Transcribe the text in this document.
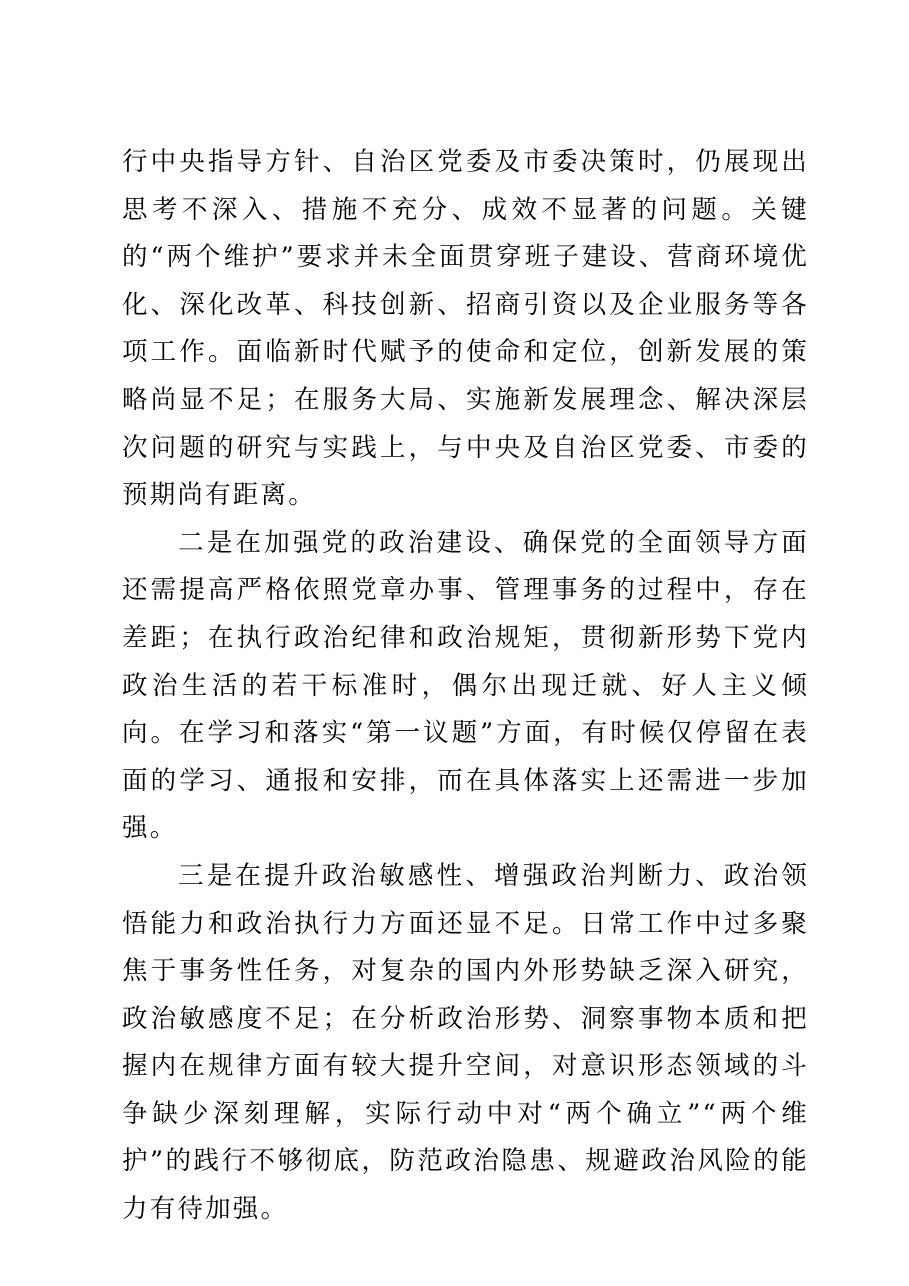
行中央指导方针、自治区党委及市委决策时，仍展现出思考不深入、措施不充分、成效不显著的问题。关键的“两个维护”要求并未全面贯穿班子建设、营商环境优化、深化改革、科技创新、招商引资以及企业服务等各项工作。面临新时代赋予的使命和定位，创新发展的策略尚显不足；在服务大局、实施新发展理念、解决深层次问题的研究与实践上，与中央及自治区党委、市委的预期尚有距离。

二是在加强党的政治建设、确保党的全面领导方面还需提高严格依照党章办事、管理事务的过程中，存在差距；在执行政治纪律和政治规矩，贯彻新形势下党内政治生活的若干标准时，偶尔出现迁就、好人主义倾向。在学习和落实“第一议题”方面，有时候仅停留在表面的学习、通报和安排，而在具体落实上还需进一步加强。

三是在提升政治敏感性、增强政治判断力、政治领悟能力和政治执行力方面还显不足。日常工作中过多聚焦于事务性任务，对复杂的国内外形势缺乏深入研究，政治敏感度不足；在分析政治形势、洞察事物本质和把握内在规律方面有较大提升空间，对意识形态领域的斗争缺少深刻理解，实际行动中对“两个确立”“两个维护”的践行不够彻底，防范政治隐患、规避政治风险的能力有待加强。
